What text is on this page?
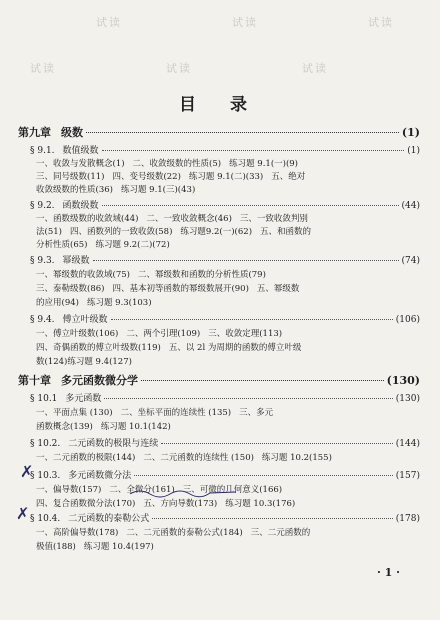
试读	试读	试读
试读	试读	试读
目 录
第九章 级数	(1)
§ 9.1. 数值级数	(1)
一、收敛与发散概念(1) 二、收敛级数的性质(5) 练习题 9.1(一)(9)
三、同号级数(11) 四、变号级数(22) 练习题 9.1(二)(33) 五、绝对
收敛级数的性质(36) 练习题 9.1(三)(43)
§ 9.2. 函数级数	(44)
一、函数级数的收敛域(44) 二、一致收敛概念(46) 三、一致收敛判别
法(51) 四、函数列的一致收敛(58) 练习题9.2(一)(62) 五、和函数的
分析性质(65) 练习题 9.2(二)(72)
§ 9.3. 幂级数	(74)
一、幂级数的收敛域(75) 二、幂级数和函数的分析性质(79)
三、泰勒级数(86) 四、基本初等函数的幂级数展开(90) 五、幂级数
的应用(94) 练习题 9.3(103)
§ 9.4. 傅立叶级数	(106)
一、傅立叶级数(106) 二、两个引理(109) 三、收敛定理(113)
四、奇偶函数的傅立叶级数(119) 五、以 2l 为周期的函数的傅立叶级
数(124)练习题 9.4(127)
第十章 多元函数微分学	(130)
§ 10.1 多元函数	(130)
一、平面点集 (130) 二、坐标平面的连续性 (135) 三、多元
函数概念(139) 练习题 10.1(142)
§ 10.2. 二元函数的极限与连续	(144)
一、二元函数的极限(144) 二、二元函数的连续性 (150) 练习题 10.2(155)
§ 10.3. 多元函数微分法	(157)
✗
一、偏导数(157) 二、全微分(161) 三、可微的几何意义(166)
四、复合函数微分法(170) 五、方向导数(173) 练习题 10.3(176)
§ 10.4. 二元函数的泰勒公式	(178)
✗
一、高阶偏导数(178) 二、二元函数的泰勒公式(184) 三、二元函数的
极值(188) 练习题 10.4(197)
· 1 ·
